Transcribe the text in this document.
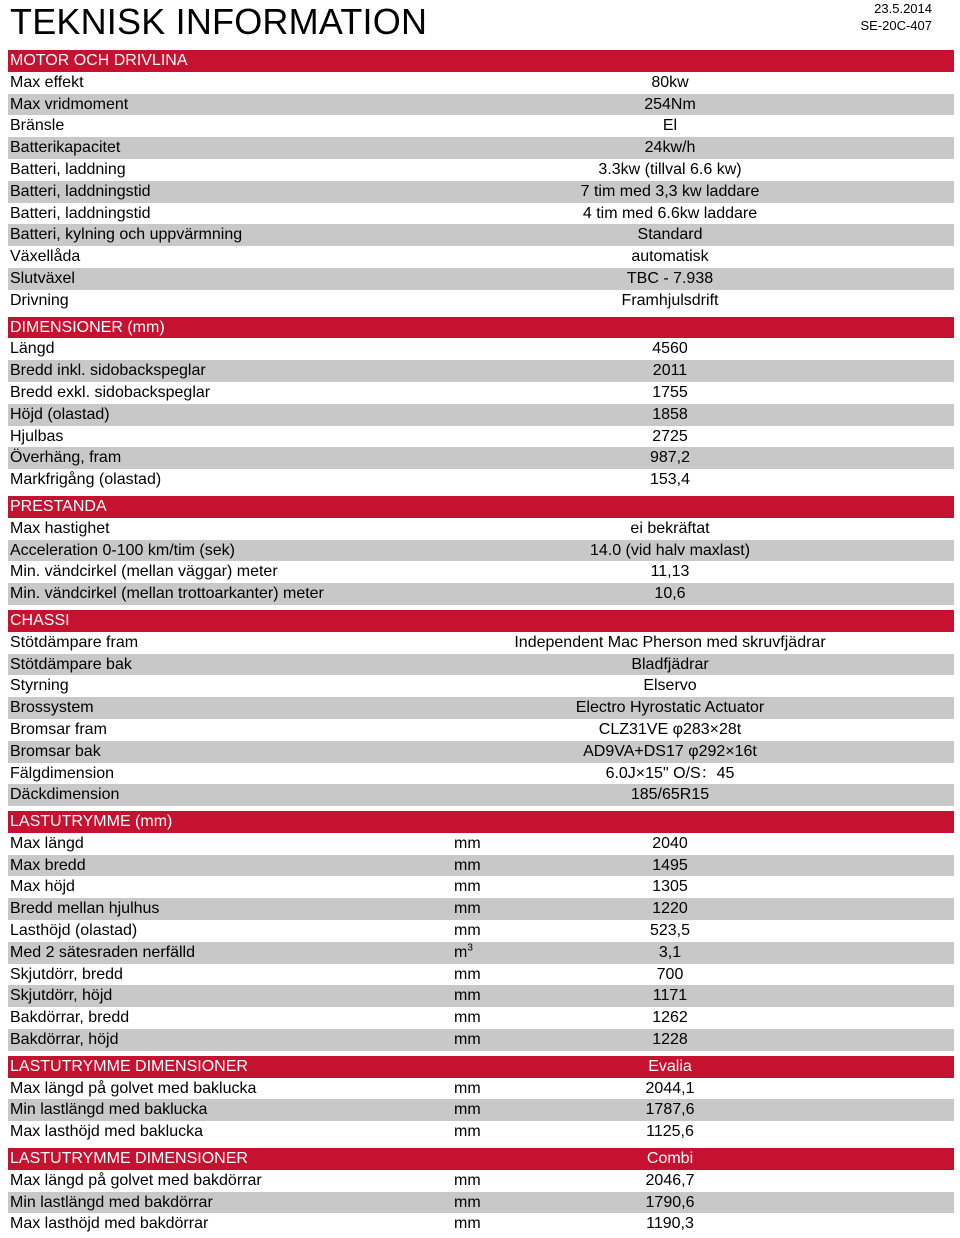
TEKNISK INFORMATION	23.5.2014
SE-20C-407
MOTOR OCH DRIVLINA
Max effekt	80kw
Max vridmoment	254Nm
Bränsle	El
Batterikapacitet	24kw/h
Batteri, laddning	3.3kw (tillval 6.6 kw)
Batteri, laddningstid	7 tim med 3,3 kw laddare
Batteri, laddningstid	4 tim med 6.6kw laddare
Batteri, kylning och uppvärmning	Standard
Växellåda	automatisk
Slutväxel	TBC - 7.938
Drivning	Framhjulsdrift
DIMENSIONER (mm)
Längd	4560
Bredd inkl. sidobackspeglar	2011
Bredd exkl. sidobackspeglar	1755
Höjd (olastad)	1858
Hjulbas	2725
Överhäng, fram	987,2
Markfrigång (olastad)	153,4
PRESTANDA
Max hastighet	ei bekräftat
Acceleration 0-100 km/tim (sek)	14.0 (vid halv maxlast)
Min. vändcirkel (mellan väggar) meter	11,13
Min. vändcirkel (mellan trottoarkanter) meter	10,6
CHASSI
Stötdämpare fram	Independent Mac Pherson med skruvfjädrar
Stötdämpare bak	Bladfjädrar
Styrning	Elservo
Brossystem	Electro Hyrostatic Actuator
Bromsar fram	CLZ31VE φ283×28t
Bromsar bak	AD9VA+DS17 φ292×16t
Fälgdimension	6.0J×15" O/S：45
Däckdimension	185/65R15
LASTUTRYMME (mm)
Max längd	mm	2040
Max bredd	mm	1495
Max höjd	mm	1305
Bredd mellan hjulhus	mm	1220
Lasthöjd (olastad)	mm	523,5
Med 2 sätesraden nerfälld	$m^3$	3,1
Skjutdörr, bredd	mm	700
Skjutdörr, höjd	mm	1171
Bakdörrar, bredd	mm	1262
Bakdörrar, höjd	mm	1228
LASTUTRYMME DIMENSIONER	Evalia
Max längd på golvet med baklucka	mm	2044,1
Min lastlängd med baklucka	mm	1787,6
Max lasthöjd med baklucka	mm	1125,6
LASTUTRYMME DIMENSIONER	Combi
Max längd på golvet med bakdörrar	mm	2046,7
Min lastlängd med bakdörrar	mm	1790,6
Max lasthöjd med bakdörrar	mm	1190,3
